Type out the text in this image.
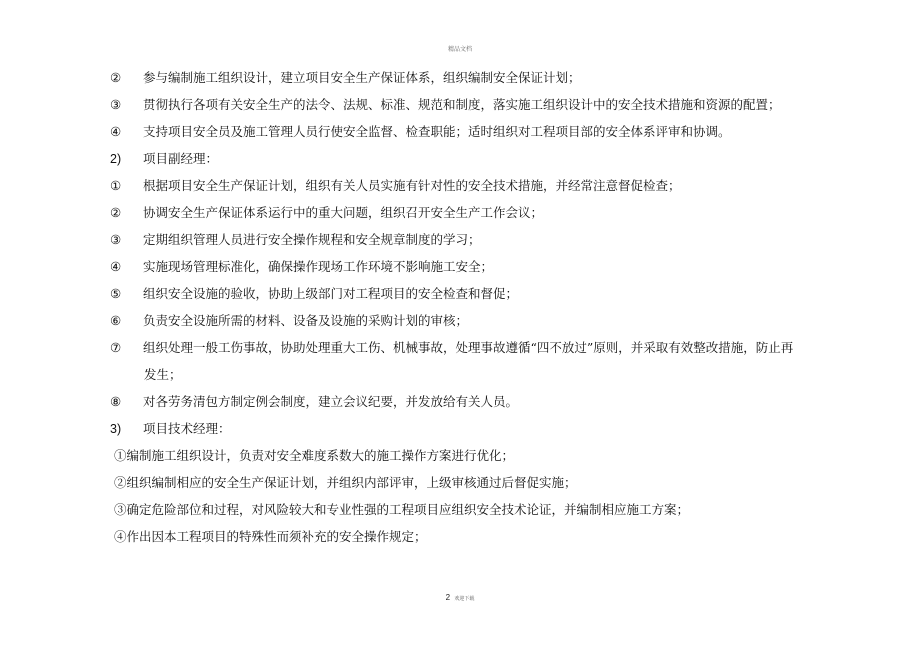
精品文档
② 参与编制施工组织设计，建立项目安全生产保证体系，组织编制安全保证计划；
③ 贯彻执行各项有关安全生产的法令、法规、标准、规范和制度，落实施工组织设计中的安全技术措施和资源的配置；
④ 支持项目安全员及施工管理人员行使安全监督、检查职能；适时组织对工程项目部的安全体系评审和协调。
2) 项目副经理：
① 根据项目安全生产保证计划，组织有关人员实施有针对性的安全技术措施，并经常注意督促检查；
② 协调安全生产保证体系运行中的重大问题，组织召开安全生产工作会议；
③ 定期组织管理人员进行安全操作规程和安全规章制度的学习；
④ 实施现场管理标准化，确保操作现场工作环境不影响施工安全；
⑤ 组织安全设施的验收，协助上级部门对工程项目的安全检查和督促；
⑥ 负责安全设施所需的材料、设备及设施的采购计划的审核；
⑦ 组织处理一般工伤事故，协助处理重大工伤、机械事故，处理事故遵循“四不放过”原则，并采取有效整改措施，防止再
发生；
⑧ 对各劳务清包方制定例会制度，建立会议纪要，并发放给有关人员。
3) 项目技术经理：
①编制施工组织设计，负责对安全难度系数大的施工操作方案进行优化；
②组织编制相应的安全生产保证计划，并组织内部评审，上级审核通过后督促实施；
③确定危险部位和过程，对风险较大和专业性强的工程项目应组织安全技术论证，并编制相应施工方案；
④作出因本工程项目的特殊性而须补充的安全操作规定；
2 欢迎下载
